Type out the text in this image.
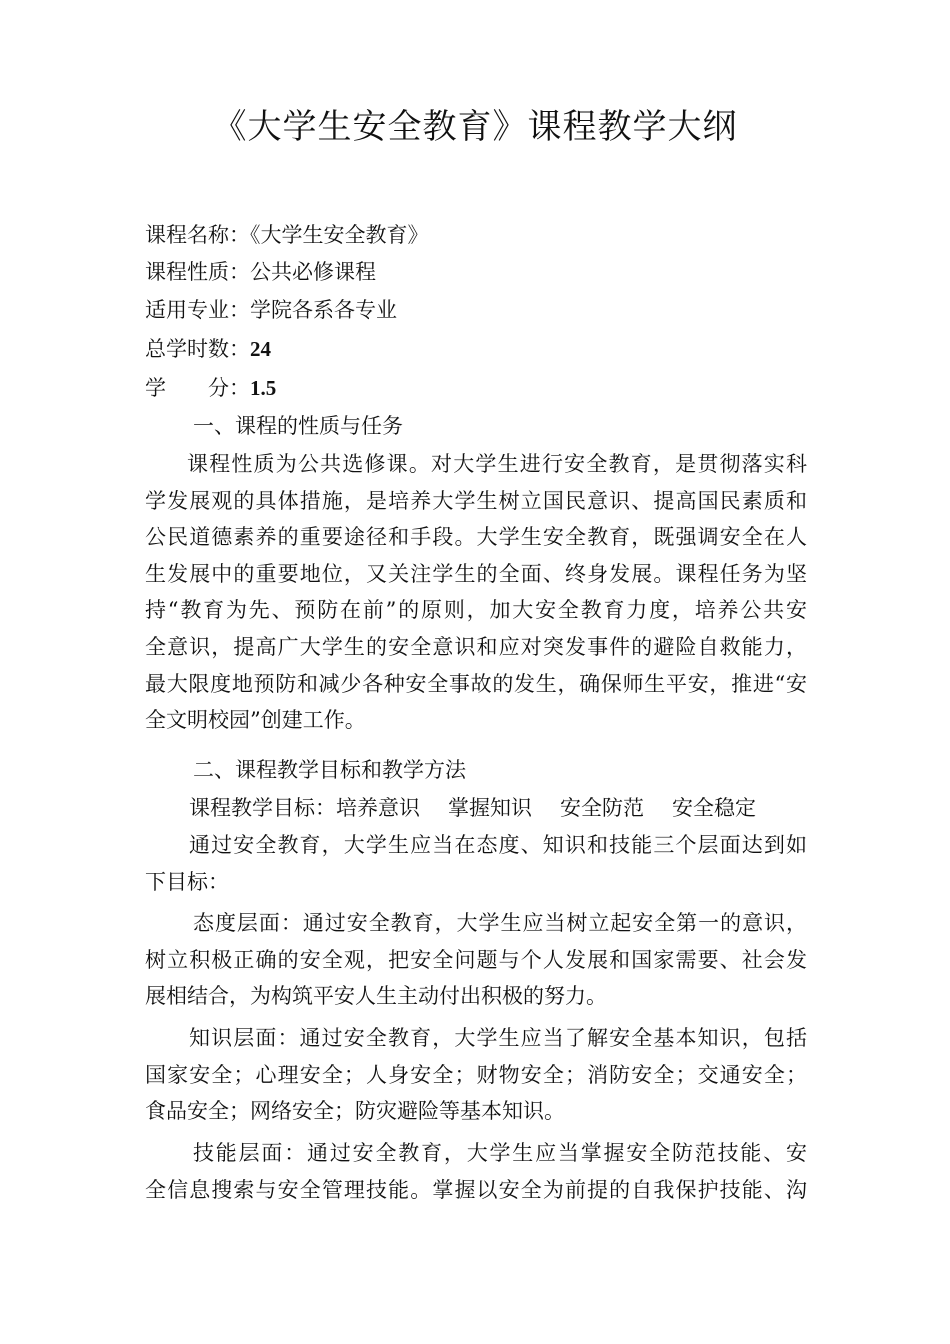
《大学生安全教育》课程教学大纲
课程名称：《大学生安全教育》
课程性质：公共必修课程
适用专业：学院各系各专业
总学时数：24
学 分：1.5
一、课程的性质与任务
课程性质为公共选修课。对大学生进行安全教育，是贯彻落实科
学发展观的具体措施，是培养大学生树立国民意识、提高国民素质和
公民道德素养的重要途径和手段。大学生安全教育，既强调安全在人
生发展中的重要地位，又关注学生的全面、终身发展。课程任务为坚
持“教育为先、预防在前”的原则，加大安全教育力度，培养公共安
全意识，提高广大学生的安全意识和应对突发事件的避险自救能力，
最大限度地预防和减少各种安全事故的发生，确保师生平安，推进“安
全文明校园”创建工作。
二、课程教学目标和教学方法
课程教学目标：培养意识 掌握知识 安全防范 安全稳定
通过安全教育，大学生应当在态度、知识和技能三个层面达到如
下目标：
态度层面：通过安全教育，大学生应当树立起安全第一的意识，
树立积极正确的安全观，把安全问题与个人发展和国家需要、社会发
展相结合，为构筑平安人生主动付出积极的努力。
知识层面：通过安全教育，大学生应当了解安全基本知识，包括
国家安全；心理安全；人身安全；财物安全；消防安全；交通安全；
食品安全；网络安全；防灾避险等基本知识。
技能层面：通过安全教育，大学生应当掌握安全防范技能、安
全信息搜索与安全管理技能。掌握以安全为前提的自我保护技能、沟
